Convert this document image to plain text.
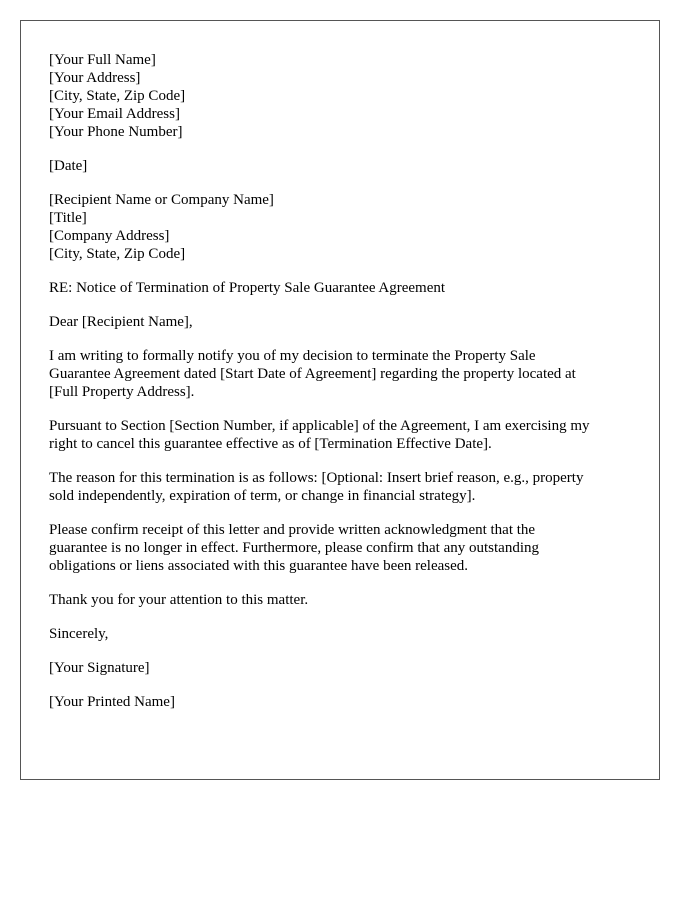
[Your Full Name]
[Your Address]
[City, State, Zip Code]
[Your Email Address]
[Your Phone Number]
[Date]
[Recipient Name or Company Name]
[Title]
[Company Address]
[City, State, Zip Code]
RE: Notice of Termination of Property Sale Guarantee Agreement
Dear [Recipient Name],
I am writing to formally notify you of my decision to terminate the Property Sale
Guarantee Agreement dated [Start Date of Agreement] regarding the property located at
[Full Property Address].
Pursuant to Section [Section Number, if applicable] of the Agreement, I am exercising my
right to cancel this guarantee effective as of [Termination Effective Date].
The reason for this termination is as follows: [Optional: Insert brief reason, e.g., property
sold independently, expiration of term, or change in financial strategy].
Please confirm receipt of this letter and provide written acknowledgment that the
guarantee is no longer in effect. Furthermore, please confirm that any outstanding
obligations or liens associated with this guarantee have been released.
Thank you for your attention to this matter.
Sincerely,
[Your Signature]
[Your Printed Name]
